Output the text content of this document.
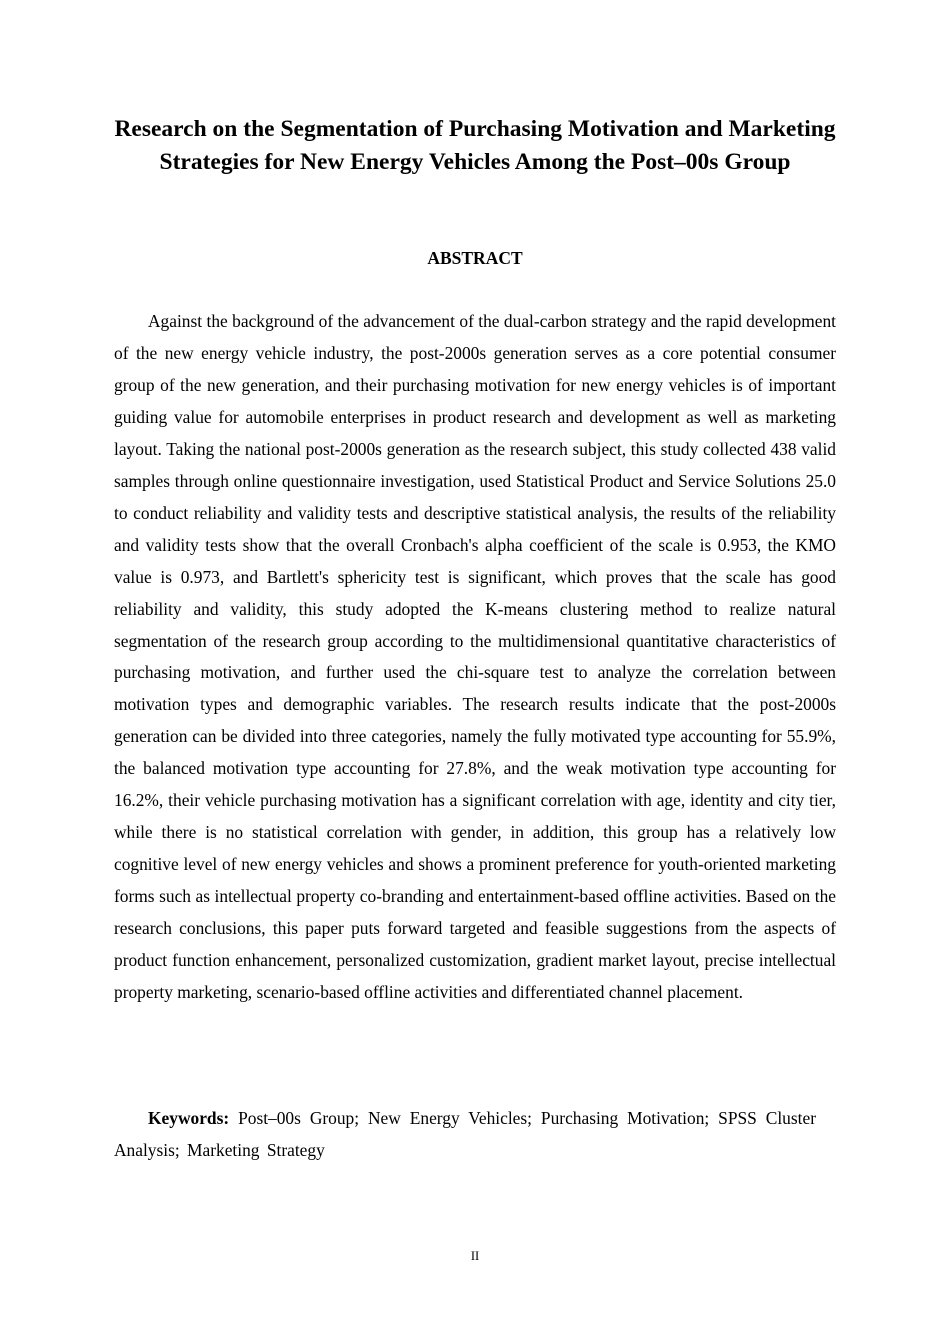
Research on the Segmentation of Purchasing Motivation and Marketing Strategies for New Energy Vehicles Among the Post‒00s Group
ABSTRACT

Against the background of the advancement of the dual-carbon strategy and the rapid development of the new energy vehicle industry, the post-2000s generation serves as a core potential consumer group of the new generation, and their purchasing motivation for new energy vehicles is of important guiding value for automobile enterprises in product research and development as well as marketing layout. Taking the national post-2000s generation as the research subject, this study collected 438 valid samples through online questionnaire investigation, used Statistical Product and Service Solutions 25.0 to conduct reliability and validity tests and descriptive statistical analysis, the results of the reliability and validity tests show that the overall Cronbach's alpha coefficient of the scale is 0.953, the KMO value is 0.973, and Bartlett's sphericity test is significant, which proves that the scale has good reliability and validity, this study adopted the K-means clustering method to realize natural segmentation of the research group according to the multidimensional quantitative characteristics of purchasing motivation, and further used the chi-square test to analyze the correlation between motivation types and demographic variables. The research results indicate that the post-2000s generation can be divided into three categories, namely the fully motivated type accounting for 55.9%, the balanced motivation type accounting for 27.8%, and the weak motivation type accounting for 16.2%, their vehicle purchasing motivation has a significant correlation with age, identity and city tier, while there is no statistical correlation with gender, in addition, this group has a relatively low cognitive level of new energy vehicles and shows a prominent preference for youth-oriented marketing forms such as intellectual property co-branding and entertainment-based offline activities. Based on the research conclusions, this paper puts forward targeted and feasible suggestions from the aspects of product function enhancement, personalized customization, gradient market layout, precise intellectual property marketing, scenario-based offline activities and differentiated channel placement.

Keywords: Post‒00s Group; New Energy Vehicles; Purchasing Motivation; SPSS Cluster Analysis; Marketing Strategy

II
